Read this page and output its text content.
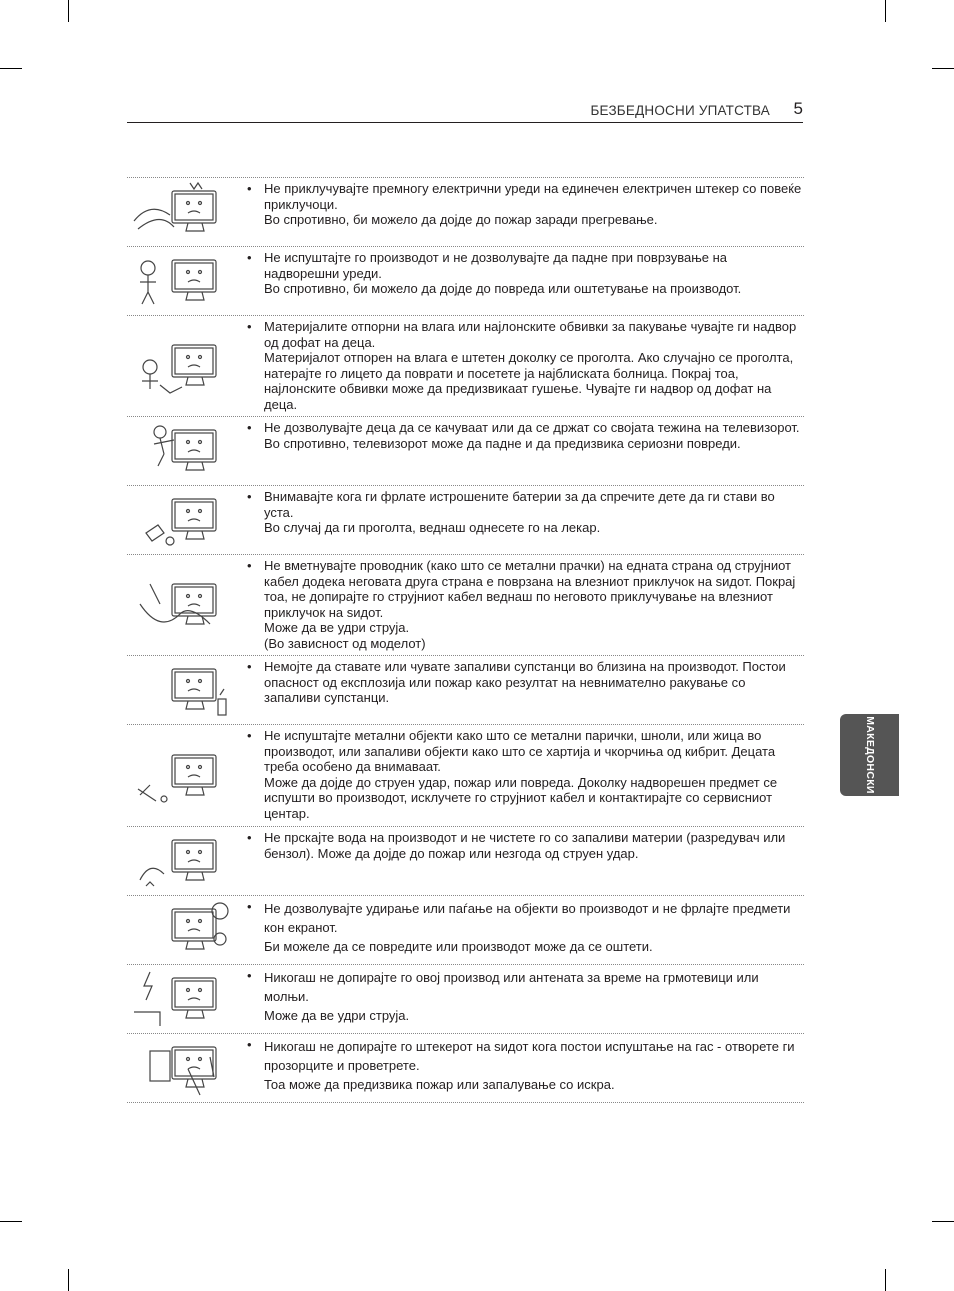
БЕЗБЕДНОСНИ УПАТСТВА 5
МАКЕДОНСКИ
• Не приклучувајте премногу електрични уреди на единечен електричен штекер со повеќе приклучоци.
Во спротивно, би можело да дојде до пожар заради прегревање.
• Не испуштајте го производот и не дозволувајте да падне при поврзување на надворешни уреди.
Во спротивно, би можело да дојде до повреда или оштетување на производот.
• Материјалите отпорни на влага или најлонските обвивки за пакување чувајте ги надвор од дофат на деца.
Материјалот отпорен на влага е штетен доколку се проголта. Ако случајно се проголта, натерајте го лицето да поврати и посетете ја најблиската болница. Покрај тоа, најлонските обвивки може да предизвикаат гушење. Чувајте ги надвор од дофат на деца.
• Не дозволувајте деца да се качуваат или да се држат со својата тежина на телевизорот.
Во спротивно, телевизорот може да падне и да предизвика сериозни повреди.
• Внимавајте кога ги фрлате истрошените батерии за да спречите дете да ги стави во уста.
Во случај да ги проголта, веднаш однесете го на лекар.
• Не вметнувајте проводник (како што се метални прачки) на едната страна од струјниот кабел додека неговата друга страна е поврзана на влезниот приклучок на ѕидот. Покрај тоа, не допирајте го струјниот кабел веднаш по неговото приклучување на влезниот приклучок на ѕидот.
Може да ве удри струја.
(Во зависност од моделот)
• Немојте да ставате или чувате запаливи супстанци во близина на производот. Постои опасност од експлозија или пожар како резултат на невнимателно ракување со запаливи супстанци.
• Не испуштајте метални објекти како што се метални парички, шноли, или жица во производот, или запаливи објекти како што се хартија и чкорчиња од кибрит. Децата треба особено да внимаваат.
Може да дојде до струен удар, пожар или повреда. Доколку надворешен предмет се испушти во производот, исклучете го струјниот кабел и контактирајте со сервисниот центар.
• Не прскајте вода на производот и не чистете го со запаливи материи (разредувач или бензол). Може да дојде до пожар или незгода од струен удар.
• Не дозволувајте удирање или паѓање на објекти во производот и не фрлајте предмети кон екранот.
Би можеле да се повредите или производот може да се оштети.
• Никогаш не допирајте го овој производ или антената за време на грмотевици или молњи.
Може да ве удри струја.
• Никогаш не допирајте го штекерот на ѕидот кога постои испуштање на гас - отворете ги прозорците и проветрете.
Тоа може да предизвика пожар или запалување со искра.
